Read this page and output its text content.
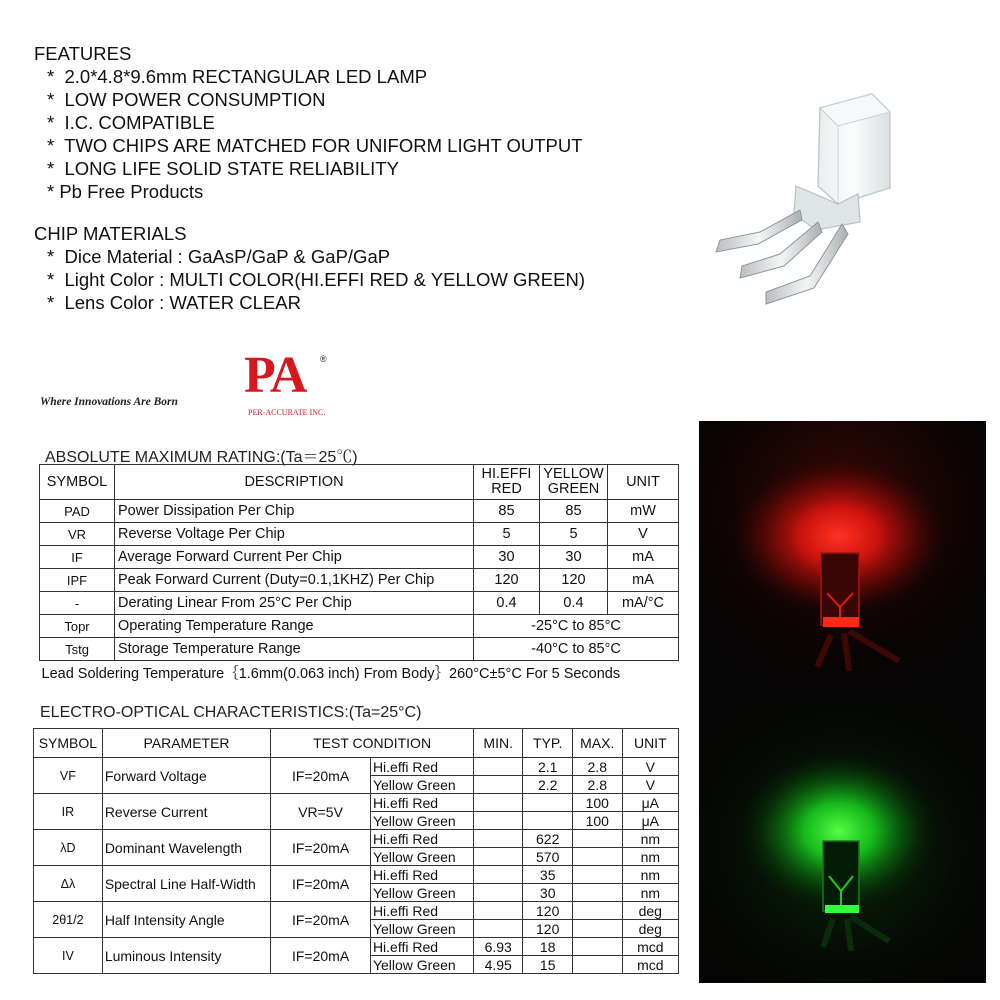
FEATURES
*  2.0*4.8*9.6mm RECTANGULAR LED LAMP
*  LOW POWER CONSUMPTION
*  I.C. COMPATIBLE
*  TWO CHIPS ARE MATCHED FOR UNIFORM LIGHT OUTPUT
*  LONG LIFE SOLID STATE RELIABILITY
* Pb Free Products
CHIP MATERIALS
*  Dice Material : GaAsP/GaP & GaP/GaP
*  Light Color : MULTI COLOR(HI.EFFI RED & YELLOW GREEN)
*  Lens Color : WATER CLEAR
Where Innovations Are Born PA ®
PER-ACCURATE INC.
ABSOLUTE MAXIMUM RATING:(Ta＝25℃)
SYMBOL	DESCRIPTION	HI.EFFI RED	YELLOW GREEN	UNIT
PAD	Power Dissipation Per Chip	85	85	mW
VR	Reverse Voltage Per Chip	5	5	V
IF	Average Forward Current Per Chip	30	30	mA
IPF	Peak Forward Current (Duty=0.1,1KHZ) Per Chip	120	120	mA
-	Derating Linear From 25°C Per Chip	0.4	0.4	mA/°C
Topr	Operating Temperature Range	-25°C to 85°C		
Tstg	Storage Temperature Range	-40°C to 85°C		
Lead Soldering Temperature｛1.6mm(0.063 inch) From Body｝260°C±5°C For 5 Seconds				
ELECTRO-OPTICAL CHARACTERISTICS:(Ta=25°C)
SYMBOL	PARAMETER	TEST CONDITION		MIN.	TYP.	MAX.	UNIT
VF	Forward Voltage	IF=20mA	Hi.effi Red		2.1	2.8	V
			Yellow Green		2.2	2.8	V
IR	Reverse Current	VR=5V	Hi.effi Red			100	μA
			Yellow Green			100	μA
λD	Dominant Wavelength	IF=20mA	Hi.effi Red		622		nm
			Yellow Green		570		nm
Δλ	Spectral Line Half-Width	IF=20mA	Hi.effi Red		35		nm
			Yellow Green		30		nm
2θ1/2	Half Intensity Angle	IF=20mA	Hi.effi Red		120		deg
			Yellow Green		120		deg
IV	Luminous Intensity	IF=20mA	Hi.effi Red	6.93	18		mcd
			Yellow Green	4.95	15		mcd
